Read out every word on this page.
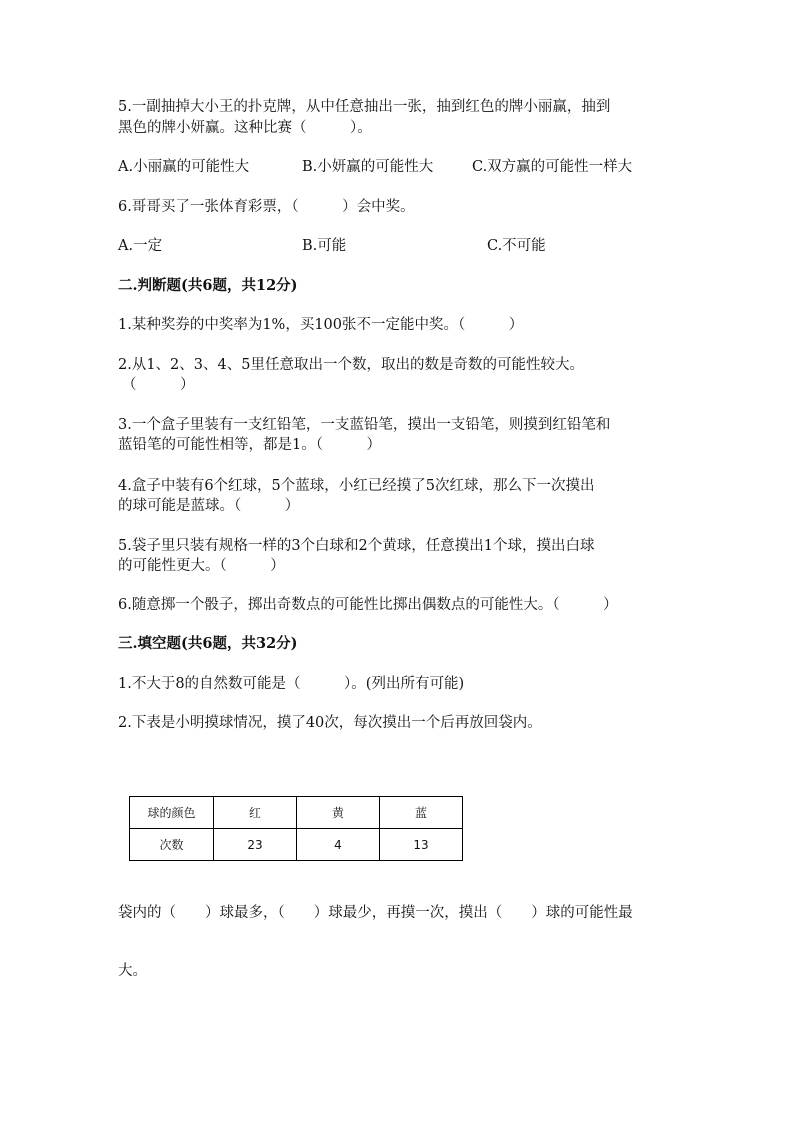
5.一副抽掉大小王的扑克牌，从中任意抽出一张，抽到红色的牌小丽赢，抽到
黑色的牌小妍赢。这种比赛（　　　）。
A.小丽赢的可能性大	B.小妍赢的可能性大	C.双方赢的可能性一样大
6.哥哥买了一张体育彩票，（　　　）会中奖。
A.一定	B.可能	C.不可能
二.判断题(共6题，共12分)
1.某种奖券的中奖率为1%，买100张不一定能中奖。（　　　）
2.从1、2、3、4、5里任意取出一个数，取出的数是奇数的可能性较大。
（　　　）
3.一个盒子里装有一支红铅笔，一支蓝铅笔，摸出一支铅笔，则摸到红铅笔和
蓝铅笔的可能性相等，都是1。（　　　）
4.盒子中装有6个红球，5个蓝球，小红已经摸了5次红球，那么下一次摸出
的球可能是蓝球。（　　　）
5.袋子里只装有规格一样的3个白球和2个黄球，任意摸出1个球，摸出白球
的可能性更大。（　　　）
6.随意掷一个骰子，掷出奇数点的可能性比掷出偶数点的可能性大。（　　　）
三.填空题(共6题，共32分)
1.不大于8的自然数可能是（　　　）。(列出所有可能)
2.下表是小明摸球情况，摸了40次，每次摸出一个后再放回袋内。
球的颜色	红	黄	蓝
次数	23	4	13
袋内的（　　）球最多，（　　）球最少，再摸一次，摸出（　　）球的可能性最
大。
